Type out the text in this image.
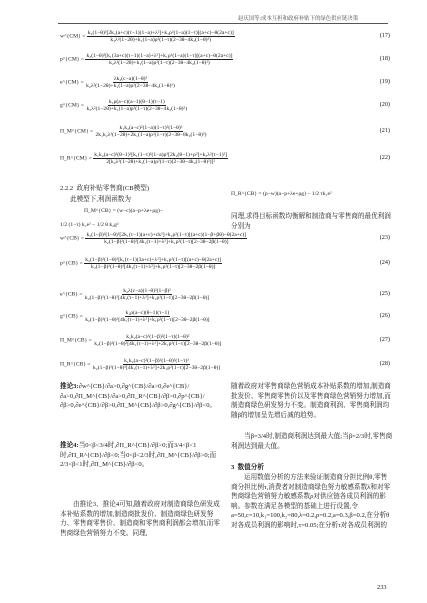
赵庆国等:成本互担和政府补贴下的绿色供应链决策
w^{CM} =
k₂(1−θ)²[2k₁(a+c)(τ−1)(1−a)+λ²]+k₁ρ²(1−a)(1−τ)[(a+c)−θ(2a+c)]
k₂λ²(1−2θ)+k₁(1−a)ρ²(1−τ)(2−3θ−4k₂(1−θ)²)
(17)
p^{CM} =
k₂(1−θ)²[k₁(3a+c)(τ−1)(1−a)+λ²]+k₁ρ²(1−a)(1−τ)[(a+c)−θ(2a+c)]
k₂λ²(1−2θ)+k₁(1−a)ρ²(1−τ)(2−3θ−4k₂(1−θ)²)
(18)
e^{CM} = $\frac{\text{λk₂(c−a)(1−θ)²}}{\text{k₂λ²(1−2θ)+k₁(1−a)ρ²(2−3θ−4k₂(1−θ)²)}}$	(19)
g^{CM} = $\frac{\text{k₁ρ(a−c)(a−1)(θ−1)(τ−1)}}{\text{k₂λ²(1−2θ)+k₁(1−a)ρ²(1−τ)(2−3θ−4k₂(1−θ)²)}}$	(20)
Π_M^{CM} = $\frac{\text{k₁k₂(a−c)²(1−a)(1−τ)²(1−θ)²}}{\text{2k₁k₂λ²(1−2θ)+2k₁(1−a)ρ²(1−τ)(2−3θ−8k₂(1−θ)²)}}$	(21)
Π_R^{CM} = $\frac{\text{k₁k₂(a−c)²(θ−1)²[k₁(1−τ)²(1−a)ρ²[2k₂(θ−1)+ρ²]+k₂λ²(τ−1)²]}}{\text{2[k₂λ²(1−2θ)+k₁(1−a)ρ²(1−τ)(2−3θ−4k₂(1−θ)²)]²}}$	(22)
2.2.2 政府补贴零售商(CB模型)
此模型下,利润函数为
Π_M^{CB} = (w−c)(a−p+λe+ρg)−
1/2 (1−τ) k₁e² − 1/2 θ k₂g²
Π_R^{CB} = (p−w)(a−p+λe+ρg) − 1/2 τk₁e²
同理,求得目标函数均衡解和制造商与零售商的最优利润分别为
w^{CB} =
k₂(1−β)²(1−θ)²[2k₁(τ−1)(a+c)+ck²]+k₁ρ²(1−τ)[(a+c)(1−β+βθ)−θ(2a+c)]
k₂(1−β)²(1−θ)²[4k₁(τ−1)+λ²]+k₁ρ²(1−τ)[2−3θ−2β(1−θ)]
(23)
p^{CB} = $\frac{\text{k₂(1−β)²(1−θ)²[k₁(τ−1)(3a+c)+λ²]+k₁ρ²(1−τ)[(a+c)−θ(2a+c)]}}{\text{k₂(1−β)²(1−θ)²[4k₁(τ−1)+λ²]+k₁ρ²(1−τ)[2−3θ−2β(1−θ)]}}$	(24)
e^{CB} = $\frac{\text{k₂λ(c−a)(1−θ)²(1−β)²}}{\text{k₂(1−β)²(1−θ)²[4k₁(τ−1)+λ²]+k₁ρ²(1−τ)[2−3θ−2β(1−θ)]}}$	(25)
g^{CB} = $\frac{\text{k₁ρ(a−c)(θ−1)(τ−1)}}{\text{k₂(1−β)²(1−θ)²[4k₁(τ−1)+λ²]+k₁ρ²(1−τ)[2−3θ−2β(1−θ)]}}$	(26)
Π_M^{CB} = $\frac{\text{k₁k₂(a−c)²(1−β)²(1−τ)(1−θ)²}}{\text{k₂(1−β)²(1−θ)²[4k₁(τ−1)+λ²]+2k₁ρ²(1−τ)[2−3θ−2β(1−θ)]}}$	(27)
Π_R^{CB} = $\frac{\text{k₁k₂(a−c)²(1−β)²(1−θ)²(1−τ)²}}{\text{k₂(1−β)²(1−θ)²[4k₁(τ−1)+λ²]+2k₁ρ²(1−τ)[2−3θ−2β(1−θ)]}}$	(28)
推论3:∂w^{CB}/∂a>0,∂g^{CB}/∂a>0,∂e^{CB}/∂a>0,∂Π_M^{CB}/∂a>0,∂Π_R^{CB}/∂β>0,∂p^{CB}/∂β>0,∂e^{CB}/∂β>0,∂Π_M^{CB}/∂β>0,∂g^{CB}/∂β<0。
推论4:当0<β<3/4时,∂Π_R^{CB}/∂β>0;而3/4<β<1时,∂Π_R^{CB}/∂β<0;当0<β<2/3时,∂Π_M^{CB}/∂β>0;而2/3<β<1时,∂Π_M^{CB}/∂β<0。
由推论3、推论4可知,随着政府对制造商绿色研发成本补贴系数的增加,制造商批发价、制造商绿色研发努力、零售商零售价、制造商和零售商利润都会增加,而零售商绿色营销努力不变。同理,
随着政府对零售商绿色营销成本补贴系数的增加,制造商批发价、零售商零售价以及零售商绿色营销努力增加,而制造商绿色研发努力不变。制造商利润、零售商利润均随β的增加呈先增后减的趋势。
当β=3/4时,制造商利润达到最大值;当β=2/3时,零售商利润达到最大值。
3 数值分析
运用数值分析的方法来验证制造商分担比例θ,零售商分担比例τ,消费者对制造商绿色努力敏感系数λ和对零售商绿色营销努力敏感系数ρ对供应链各成员利润的影响。参数在满足各模型的基础上进行设置,令a=50,c=10,k₁=100,k₂=80,λ=0.2,ρ=0.2,a=0.3,β=0.2,在分析θ对各成员利润的影响时,τ=0.05;在分析τ对各成员利润的
233
